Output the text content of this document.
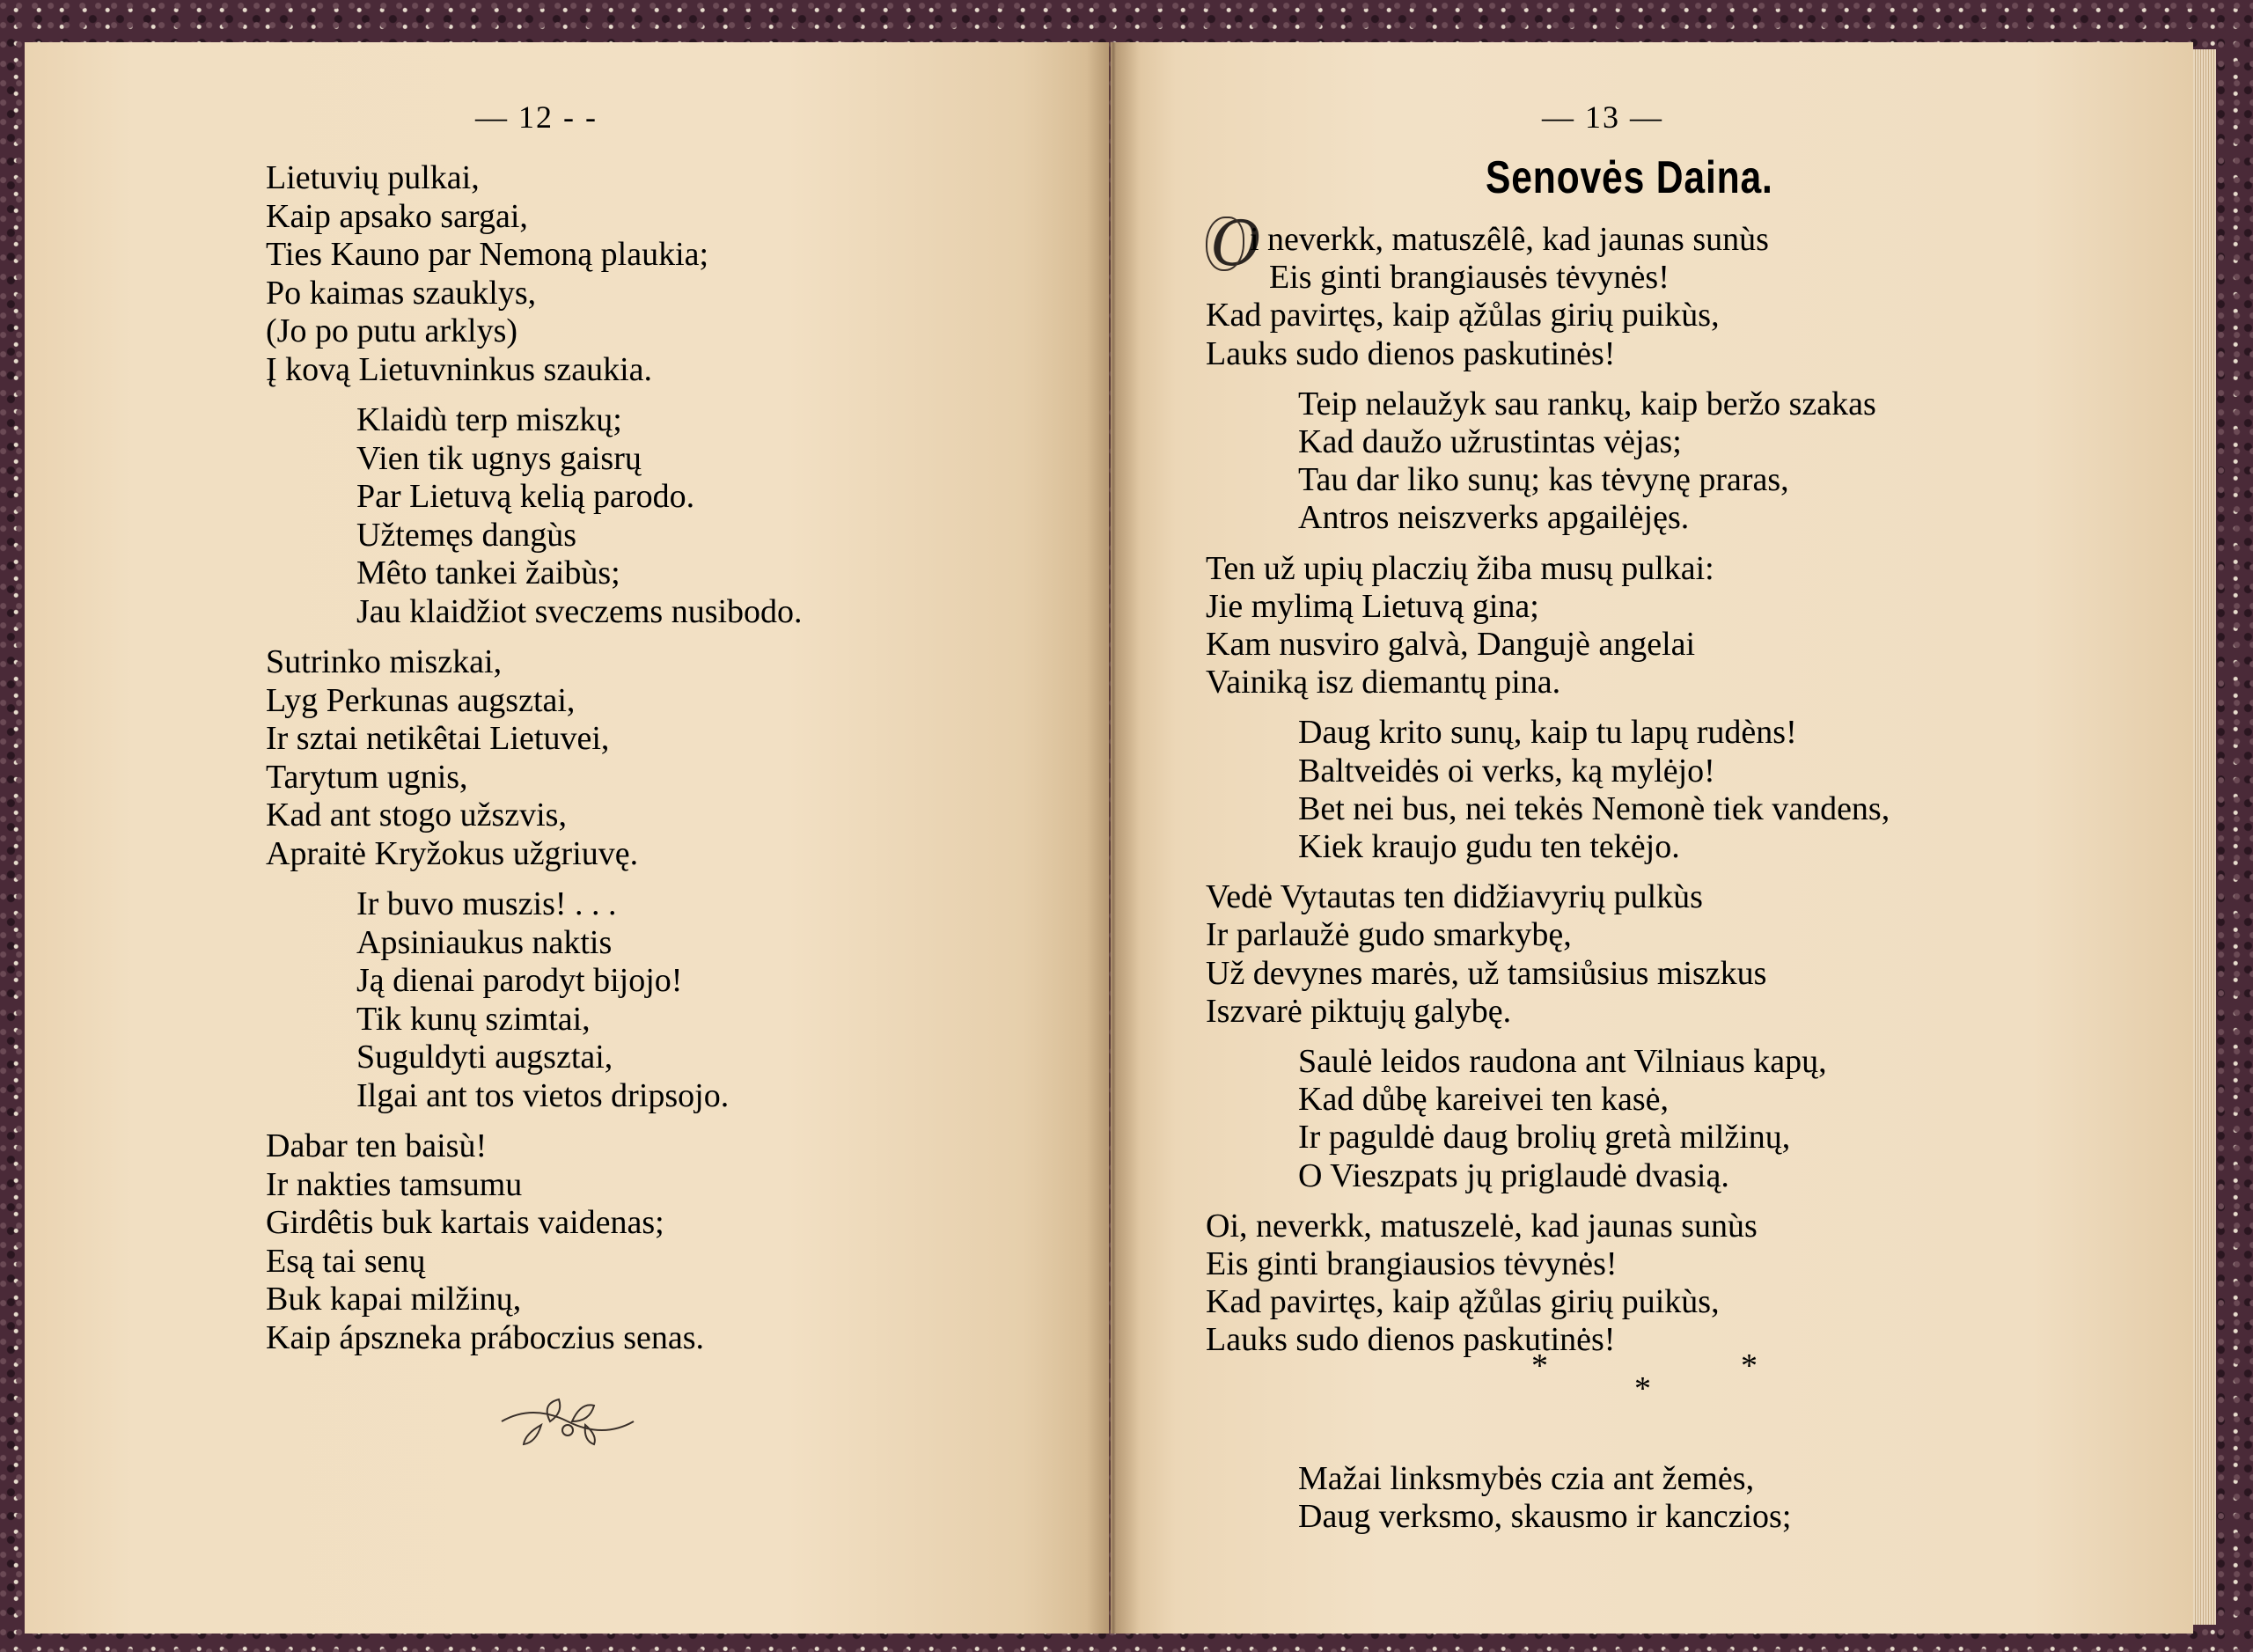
— 12 - -	— 13 —
Senovės Daina.
O
Lietuvių pulkai,
Kaip apsako sargai,
Ties Kauno par Nemoną plaukia;
Po kaimas szauklys,
(Jo po putu arklys)
Į kovą Lietuvninkus szaukia.
Klaidù terp miszkų;
Vien tik ugnys gaisrų
Par Lietuvą kelią parodo.
Užtemęs dangùs
Mêto tankei žaibùs;
Jau klaidžiot sveczems nusibodo.
Sutrinko miszkai,
Lyg Perkunas augsztai,
Ir sztai netikêtai Lietuvei,
Tarytum ugnis,
Kad ant stogo užszvis,
Apraitė Kryžokus užgriuvę.
Ir buvo muszis! . . .
Apsiniaukus naktis
Ją dienai parodyt bijojo!
Tik kunų szimtai,
Suguldyti augsztai,
Ilgai ant tos vietos dripsojo.
Dabar ten baisù!
Ir nakties tamsumu
Girdêtis buk kartais vaidenas;
Esą tai senų
Buk kapai milžinų,
Kaip ápszneka práboczius senas.
i neverkk, matuszêlê, kad jaunas sunùs
Eis ginti brangiausės tėvynės!
Kad pavirtęs, kaip ąžůlas girių puikùs,
Lauks sudo dienos paskutinės!
Teip nelaužyk sau rankų, kaip beržo szakas
Kad daužo užrustintas vėjas;
Tau dar liko sunų; kas tėvynę praras,
Antros neiszverks apgailėjęs.
Ten už upių placzių žiba musų pulkai:
Jie mylimą Lietuvą gina;
Kam nusviro galvà, Dangujè angelai
Vainiką isz diemantų pina.
Daug krito sunų, kaip tu lapų rudèns!
Baltveidės oi verks, ką mylėjo!
Bet nei bus, nei tekės Nemonè tiek vandens,
Kiek kraujo gudu ten tekėjo.
Vedė Vytautas ten didžiavyrių pulkùs
Ir parlaužė gudo smarkybę,
Už devynes marės, už tamsiůsius miszkus
Iszvarė piktujų galybę.
Saulė leidos raudona ant Vilniaus kapų,
Kad důbę kareivei ten kasė,
Ir paguldė daug brolių gretà milžinų,
O Vieszpats jų priglaudė dvasią.
Oi, neverkk, matuszelė, kad jaunas sunùs
Eis ginti brangiausios tėvynės!
Kad pavirtęs, kaip ąžůlas girių puikùs,
Lauks sudo dienos paskutinės!
Mažai linksmybės czia ant žemės,
Daug verksmo, skausmo ir kanczios;
*
*
*
